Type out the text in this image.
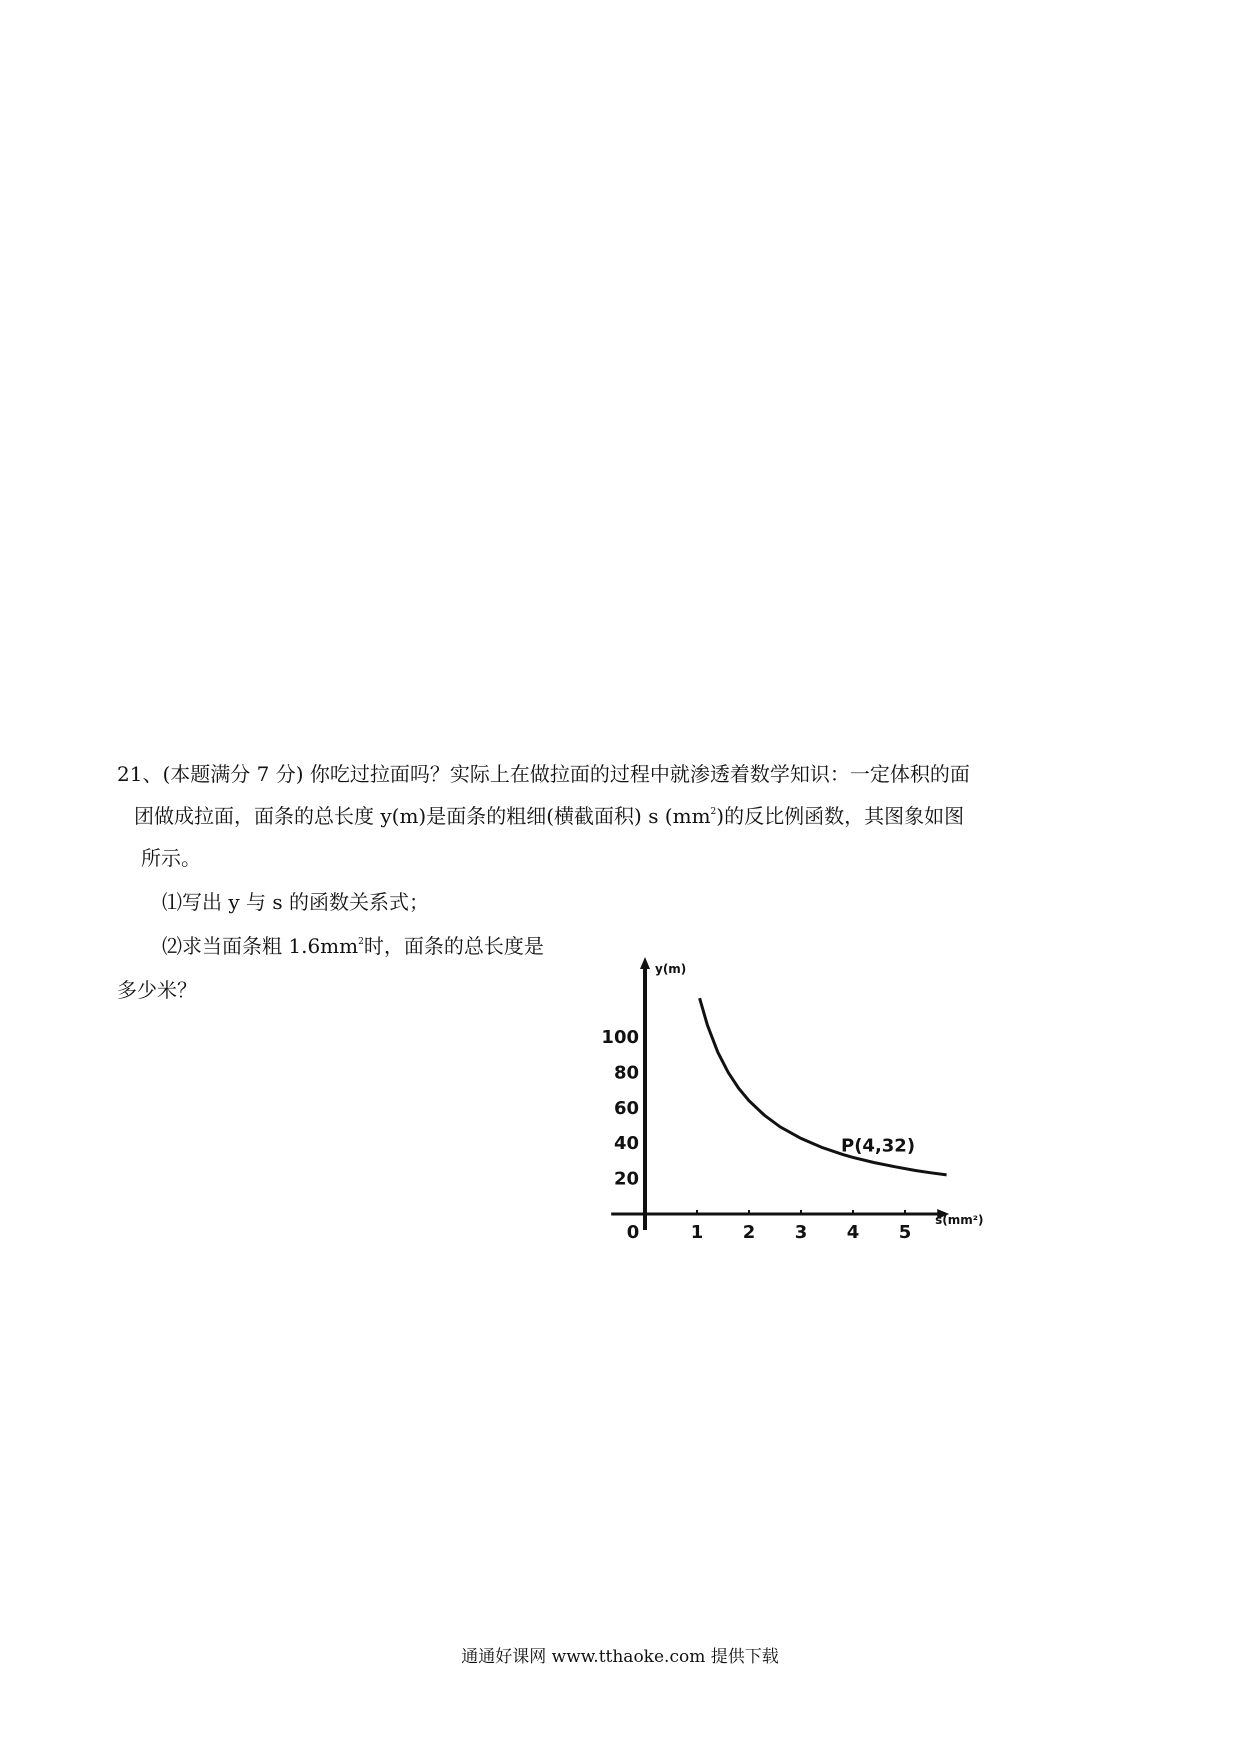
21、(本题满分 7 分) 你吃过拉面吗？实际上在做拉面的过程中就渗透着数学知识：一定体积的面
团做成拉面，面条的总长度 y(m)是面条的粗细(横截面积) s $(mm^2)$的反比例函数，其图象如图
所示。
⑴写出 y 与 s 的函数关系式；
⑵求当面条粗 $1.6mm^2$时，面条的总长度是
多少米？
1 2 3 4 5
20
40
60
80
100
0
y(m)
s(mm²)
P(4,32)
通通好课网 www.tthaoke.com 提供下载
